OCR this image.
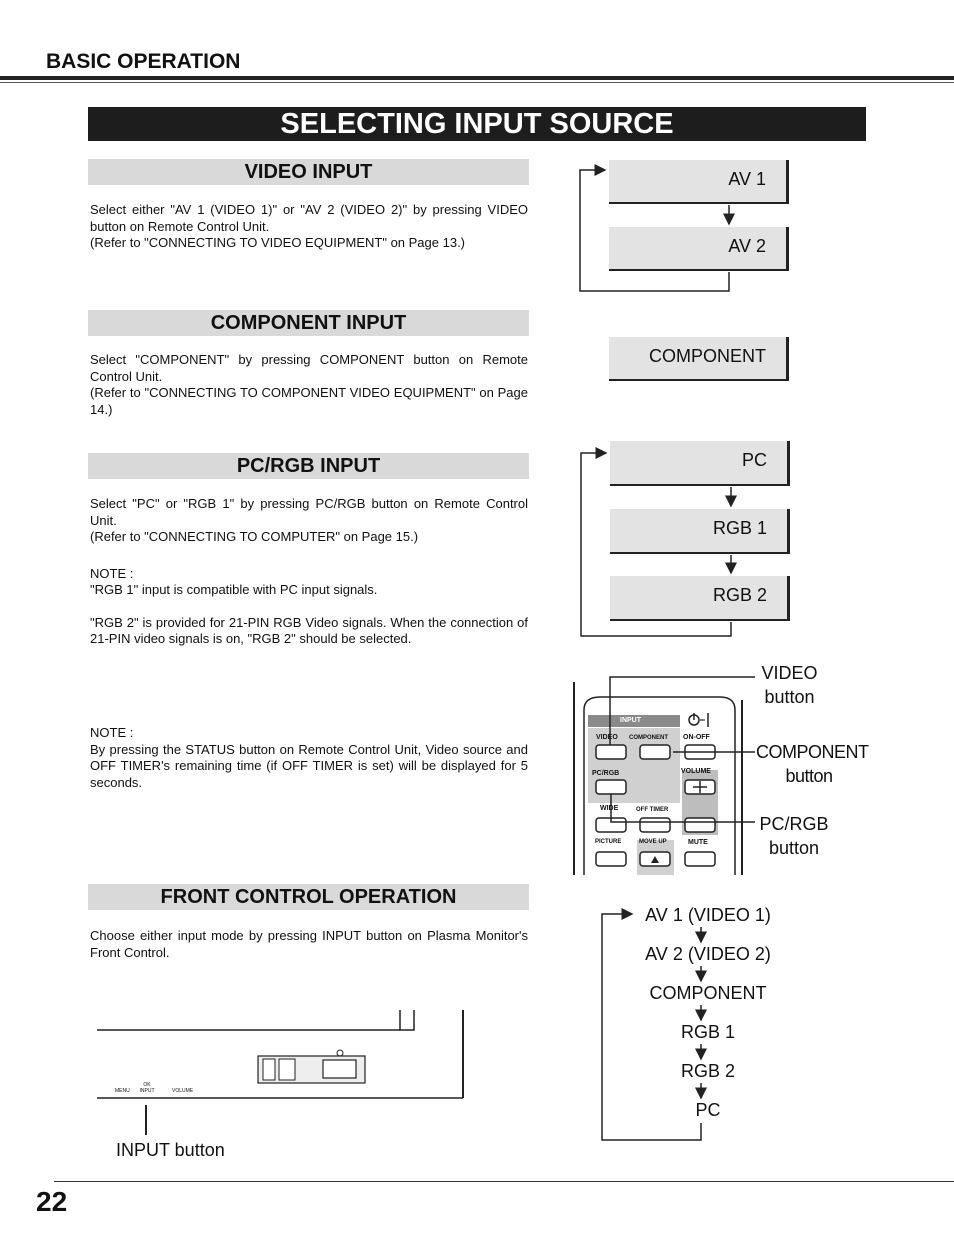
BASIC OPERATION
SELECTING INPUT SOURCE
VIDEO INPUT

Select either "AV 1 (VIDEO 1)" or "AV 2 (VIDEO 2)" by pressing VIDEO button on Remote Control Unit.

(Refer to "CONNECTING TO VIDEO EQUIPMENT" on Page 13.)

COMPONENT INPUT

Select "COMPONENT" by pressing COMPONENT button on Remote Control Unit.

(Refer to "CONNECTING TO COMPONENT VIDEO EQUIPMENT" on Page 14.)

PC/RGB INPUT

Select "PC" or "RGB 1" by pressing PC/RGB button on Remote Control Unit.

(Refer to "CONNECTING TO COMPUTER" on Page 15.)

NOTE :

"RGB 1" input is compatible with PC input signals.

"RGB 2" is provided for 21-PIN RGB Video signals. When the connection of 21-PIN video signals is on, "RGB 2" should be selected.

NOTE :

By pressing the STATUS button on Remote Control Unit, Video source and OFF TIMER's remaining time (if OFF TIMER is set) will be displayed for 5 seconds.

FRONT CONTROL OPERATION
Choose either input mode by pressing INPUT button on Plasma Monitor's Front Control.
AV 1
AV 2
COMPONENT
PC
RGB 1
RGB 2
INPUT
VIDEO COMPONENT ON-OFF
PC/RGB	VOLUME
WIDE	OFF TIMER
PICTURE	MOVE UP	MUTE
VIDEO
button
COMPONENT
button
PC/RGB
button
MENU
OK INPUT	VOLUME
INPUT button
AV 1 (VIDEO 1)
AV 2 (VIDEO 2)
COMPONENT
RGB 1
RGB 2
PC
22
